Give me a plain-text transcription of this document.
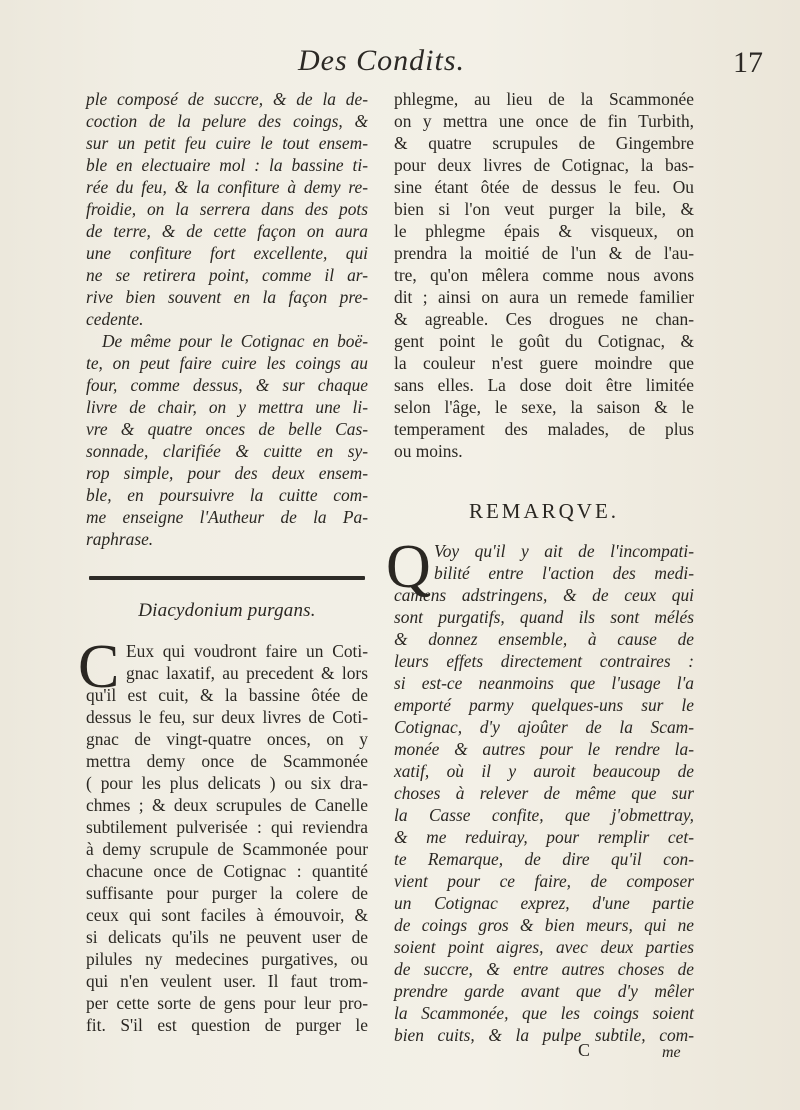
Des Condits.	17
ple composé de succre, & de la de-
coction de la pelure des coings, &
sur un petit feu cuire le tout ensem-
ble en electuaire mol : la bassine ti-
rée du feu, & la confiture à demy re-
froidie, on la serrera dans des pots
de terre, & de cette façon on aura
une confiture fort excellente, qui
ne se retirera point, comme il ar-
rive bien souvent en la façon pre-
cedente.
De même pour le Cotignac en boë-
te, on peut faire cuire les coings au
four, comme dessus, & sur chaque
livre de chair, on y mettra une li-
vre & quatre onces de belle Cas-
sonnade, clarifiée & cuitte en sy-
rop simple, pour des deux ensem-
ble, en poursuivre la cuitte com-
me enseigne l'Autheur de la Pa-
raphrase.
Diacydonium purgans.
C Eux qui voudront faire un Coti-
gnac laxatif, au precedent & lors
qu'il est cuit, & la bassine ôtée de
dessus le feu, sur deux livres de Coti-
gnac de vingt-quatre onces, on y
mettra demy once de Scammonée
( pour les plus delicats ) ou six dra-
chmes ; & deux scrupules de Canelle
subtilement pulverisée : qui reviendra
à demy scrupule de Scammonée pour
chacune once de Cotignac : quantité
suffisante pour purger la colere de
ceux qui sont faciles à émouvoir, &
si delicats qu'ils ne peuvent user de
pilules ny medecines purgatives, ou
qui n'en veulent user. Il faut trom-
per cette sorte de gens pour leur pro-
fit. S'il est question de purger le
phlegme, au lieu de la Scammonée
on y mettra une once de fin Turbith,
& quatre scrupules de Gingembre
pour deux livres de Cotignac, la bas-
sine étant ôtée de dessus le feu. Ou
bien si l'on veut purger la bile, &
le phlegme épais & visqueux, on
prendra la moitié de l'un & de l'au-
tre, qu'on mêlera comme nous avons
dit ; ainsi on aura un remede familier
& agreable. Ces drogues ne chan-
gent point le goût du Cotignac, &
la couleur n'est guere moindre que
sans elles. La dose doit être limitée
selon l'âge, le sexe, la saison & le
temperament des malades, de plus
ou moins.
REMARQVE.
Q Voy qu'il y ait de l'incompati-
bilité entre l'action des medi-
camens adstringens, & de ceux qui
sont purgatifs, quand ils sont mélés
& donnez ensemble, à cause de
leurs effets directement contraires :
si est-ce neanmoins que l'usage l'a
emporté parmy quelques-uns sur le
Cotignac, d'y ajoûter de la Scam-
monée & autres pour le rendre la-
xatif, où il y auroit beaucoup de
choses à relever de même que sur
la Casse confite, que j'obmettray,
& me reduiray, pour remplir cet-
te Remarque, de dire qu'il con-
vient pour ce faire, de composer
un Cotignac exprez, d'une partie
de coings gros & bien meurs, qui ne
soient point aigres, avec deux parties
de succre, & entre autres choses de
prendre garde avant que d'y mêler
la Scammonée, que les coings soient
bien cuits, & la pulpe subtile, com-
C	me
